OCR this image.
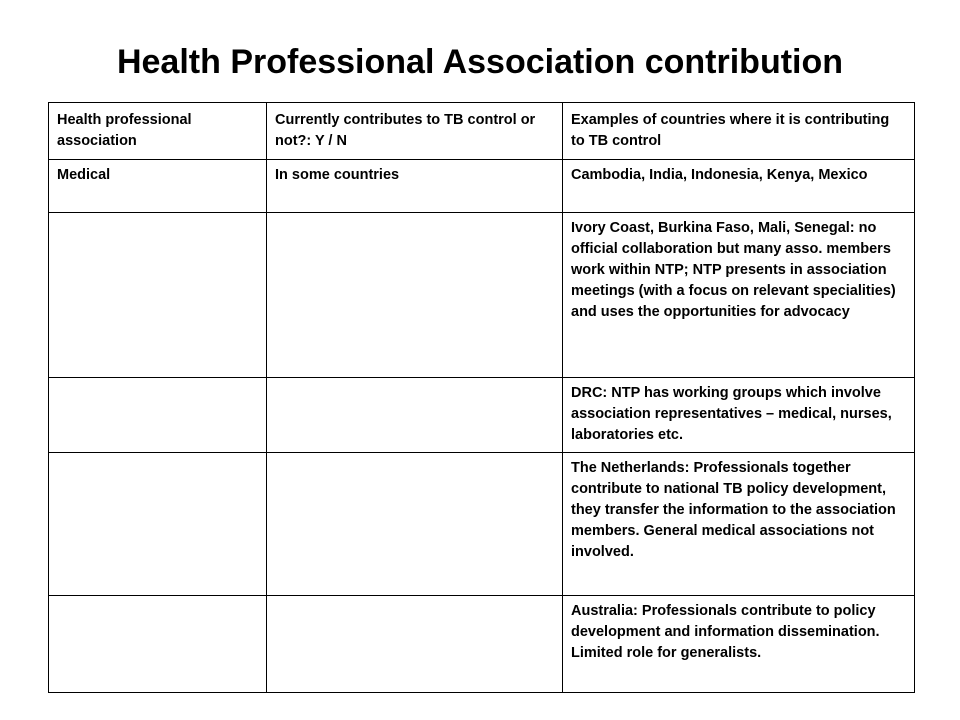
Health Professional Association contribution
Health professional association	Currently contributes to TB control or not?: Y / N	Examples of countries where it is contributing to TB control
Medical	In some countries	Cambodia, India, Indonesia, Kenya, Mexico
		Ivory Coast, Burkina Faso, Mali, Senegal: no official collaboration but many asso. members work within NTP; NTP presents in association meetings (with a focus on relevant specialities) and uses the opportunities for advocacy
		DRC: NTP has working groups which involve association representatives – medical, nurses, laboratories etc.
		The Netherlands: Professionals together contribute to national TB policy development, they transfer the information to the association members. General medical associations not involved.
		Australia: Professionals contribute to policy development and information dissemination. Limited role for generalists.
